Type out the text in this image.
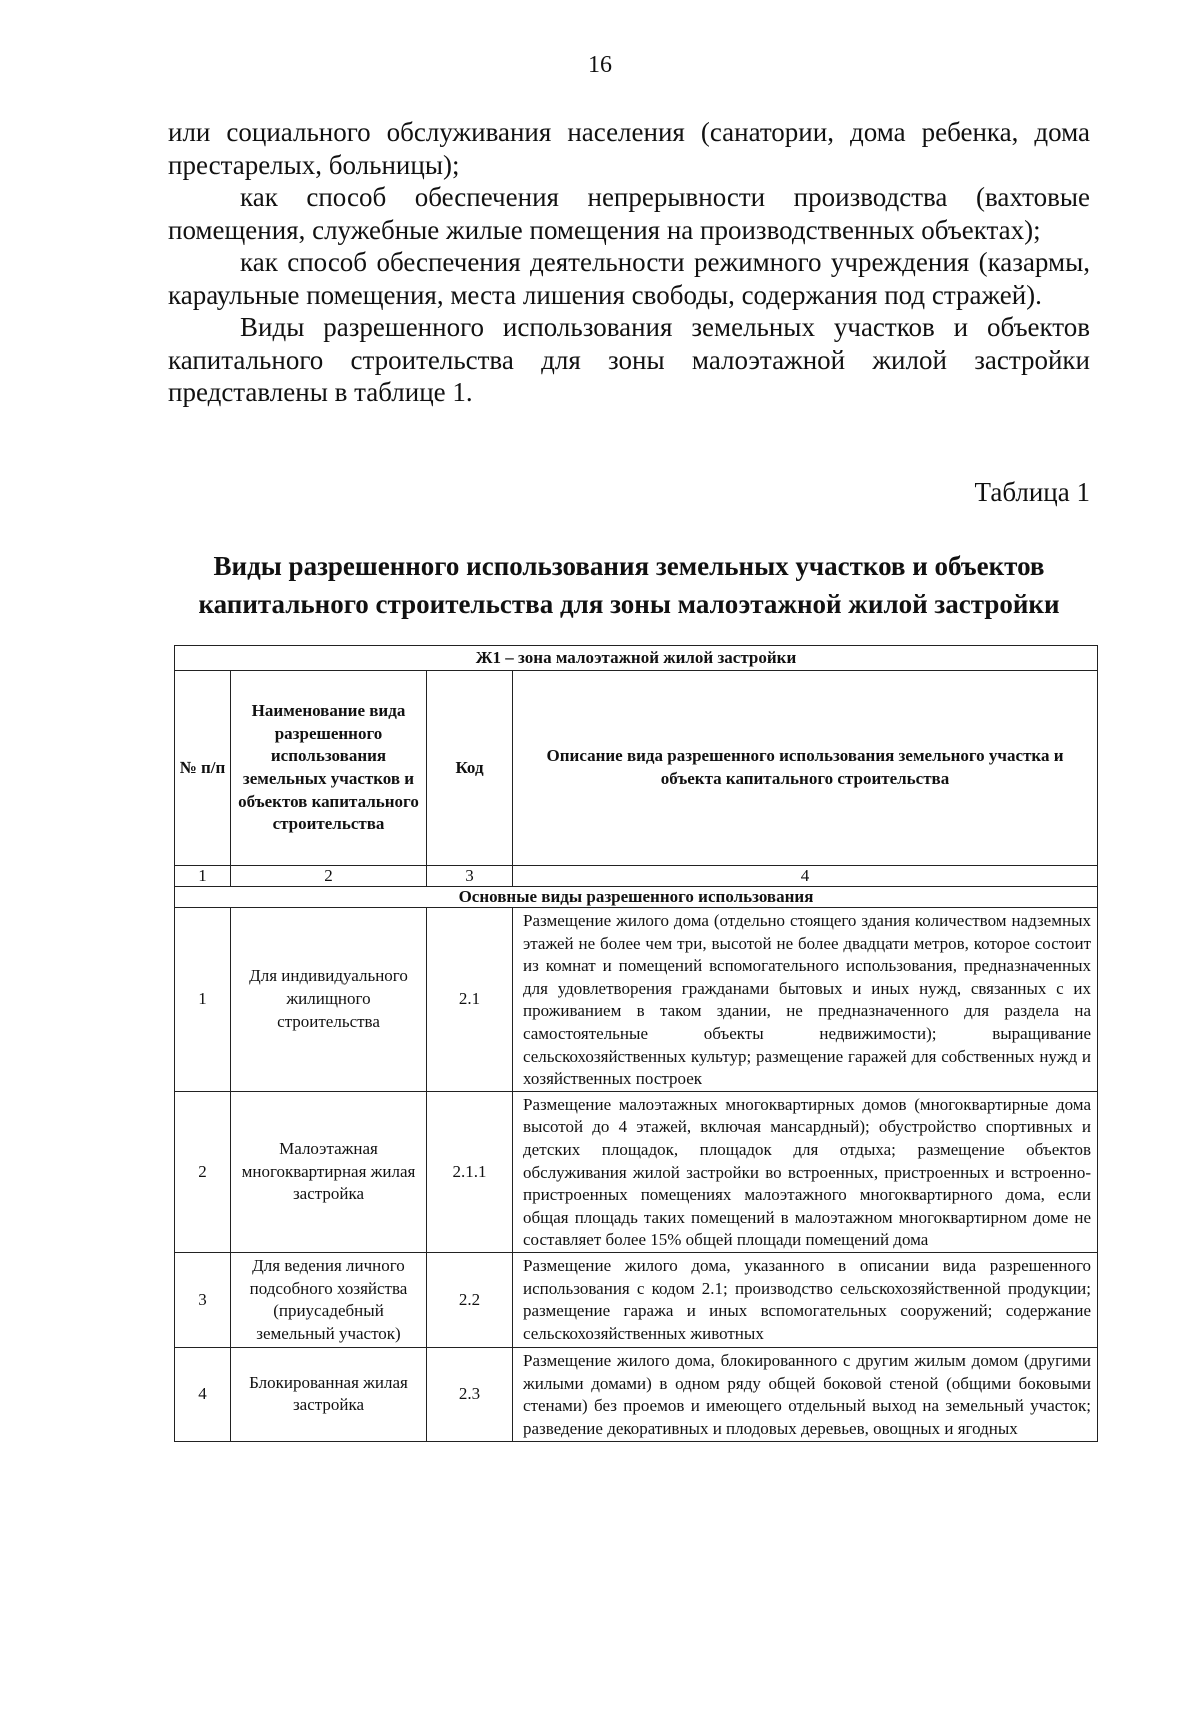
16

или социального обслуживания населения (санатории, дома ребенка, дома престарелых, больницы);

как способ обеспечения непрерывности производства (вахтовые помещения, служебные жилые помещения на производственных объектах);

как способ обеспечения деятельности режимного учреждения (казармы, караульные помещения, места лишения свободы, содержания под стражей).

Виды разрешенного использования земельных участков и объектов капитального строительства для зоны малоэтажной жилой застройки представлены в таблице 1.

Таблица 1
Виды разрешенного использования земельных участков и объектов
капитального строительства для зоны малоэтажной жилой застройки
Ж1 – зона малоэтажной жилой застройки			
№ п/п	Наименование вида разрешенного использования земельных участков и объектов капитального строительства	Код	Описание вида разрешенного использования земельного участка и объекта капитального строительства
1	2	3	4
Основные виды разрешенного использования			
1	Для индивидуального жилищного строительства	2.1	Размещение жилого дома (отдельно стоящего здания количеством надземных этажей не более чем три, высотой не более двадцати метров, которое состоит из комнат и помещений вспомогательного использования, предназначенных для удовлетворения гражданами бытовых и иных нужд, связанных с их проживанием в таком здании, не предназначенного для раздела на самостоятельные объекты недвижимости); выращивание сельскохозяйственных культур; размещение гаражей для собственных нужд и хозяйственных построек
2	Малоэтажная многоквартирная жилая застройка	2.1.1	Размещение малоэтажных многоквартирных домов (многоквартирные дома высотой до 4 этажей, включая мансардный); обустройство спортивных и детских площадок, площадок для отдыха; размещение объектов обслуживания жилой застройки во встроенных, пристроенных и встроенно-пристроенных помещениях малоэтажного многоквартирного дома, если общая площадь таких помещений в малоэтажном многоквартирном доме не составляет более 15% общей площади помещений дома
3	Для ведения личного подсобного хозяйства (приусадебный земельный участок)	2.2	Размещение жилого дома, указанного в описании вида разрешенного использования с кодом 2.1; производство сельскохозяйственной продукции; размещение гаража и иных вспомогательных сооружений; содержание сельскохозяйственных животных
4	Блокированная жилая застройка	2.3	Размещение жилого дома, блокированного с другим жилым домом (другими жилыми домами) в одном ряду общей боковой стеной (общими боковыми стенами) без проемов и имеющего отдельный выход на земельный участок; разведение декоративных и плодовых деревьев, овощных и ягодных
